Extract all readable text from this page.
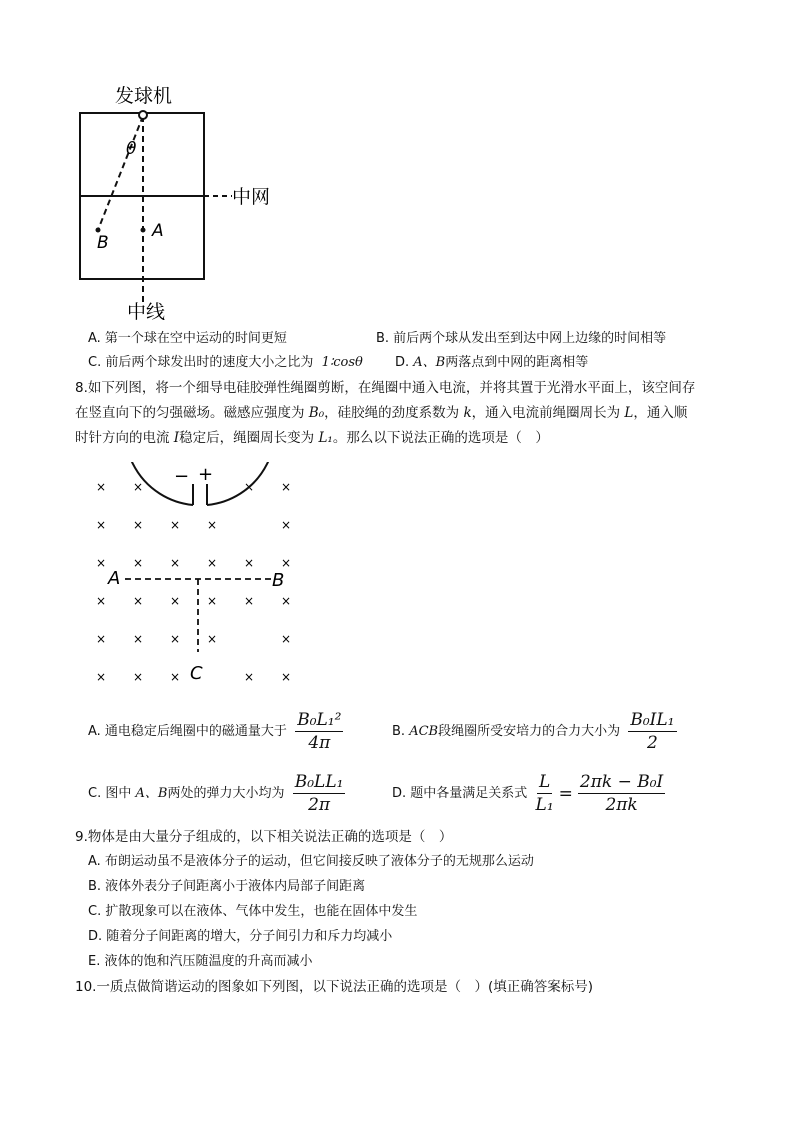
发球机
中网
θ
B
A
中线
A. 第一个球在空中运动的时间更短	B. 前后两个球从发出至到达中网上边缘的时间相等
C. 前后两个球发出时的速度大小之比为 1∶cosθ D. A、B两落点到中网的距离相等
8.如下列图，将一个细导电硅胶弹性绳圈剪断，在绳圈中通入电流，并将其置于光滑水平面上，该空间存
在竖直向下的匀强磁场。磁感应强度为 B₀，硅胶绳的劲度系数为 k，通入电流前绳圈周长为 L，通入顺
时针方向的电流 I稳定后，绳圈周长变为 L₁。那么以下说法正确的选项是（　）
× ×	× ×
× × × ×	×
× × × × × ×
× × × × × ×
× × × ×	×
× × ×	× ×
− +
A	B
C
A. 通电稳定后绳圈中的磁通量大于
$\frac{\text{B₀L₁²}}{4\pi}$	B.
ACB 段绳圈所受安培力的合力大小为
$\frac{\text{B₀IL₁}}{2}$
C. 图中
A、B 两处的弹力大小均为
$\frac{\text{B₀LL₁}}{2\pi}$	D. 题中各量满足关系式
$\frac{L}{\text{L₁}} = \frac{\text{2πk − B₀I}}{2\pi k}$
9.物体是由大量分子组成的，以下相关说法正确的选项是（　）
A. 布朗运动虽不是液体分子的运动，但它间接反映了液体分子的无规那么运动
B. 液体外表分子间距离小于液体内局部子间距离
C. 扩散现象可以在液体、气体中发生，也能在固体中发生
D. 随着分子间距离的增大，分子间引力和斥力均减小
E. 液体的饱和汽压随温度的升高而减小
10.一质点做简谐运动的图象如下列图，以下说法正确的选项是（　）(填正确答案标号)
